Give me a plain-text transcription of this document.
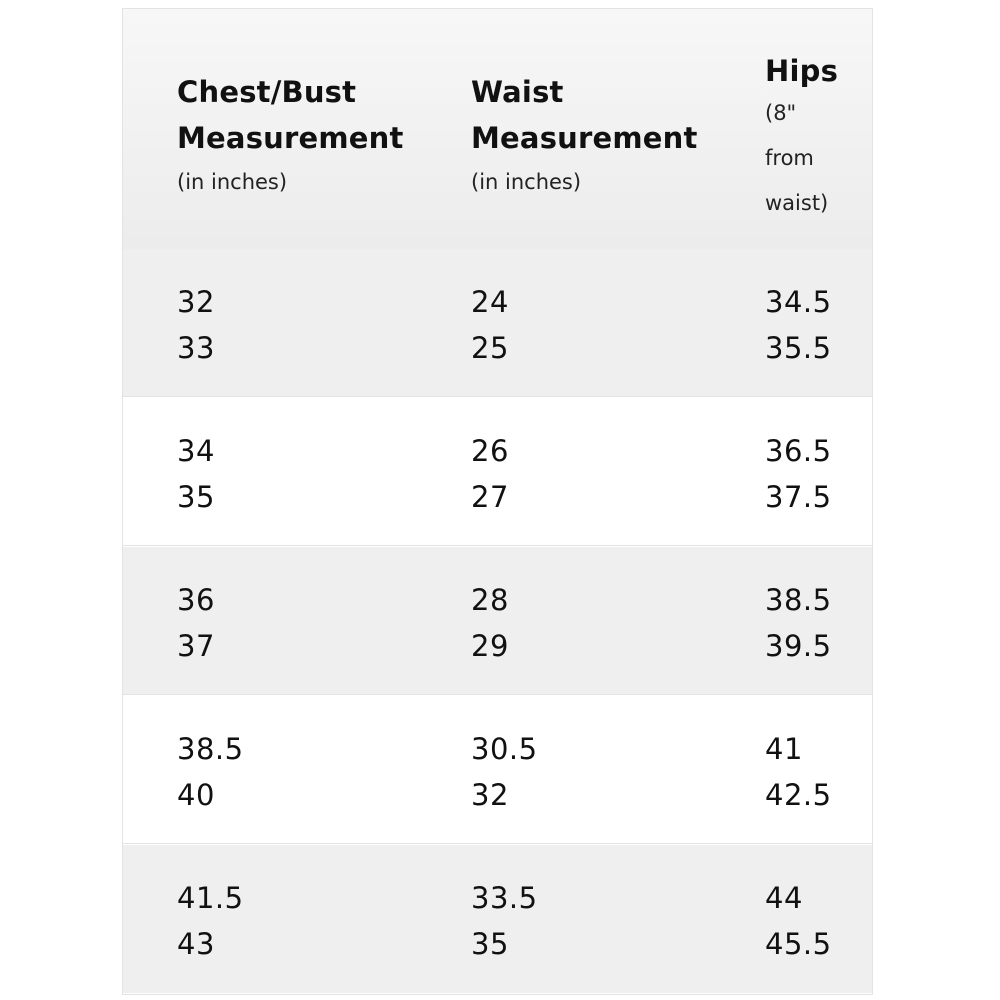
Chest/Bust
Measurement
(in inches)
Waist
Measurement
(in inches)
Hips
(8"
from
waist)
32
33
24
25
34.5
35.5
34
35
26
27
36.5
37.5
36
37
28
29
38.5
39.5
38.5
40
30.5
32
41
42.5
41.5
43
33.5
35
44
45.5
